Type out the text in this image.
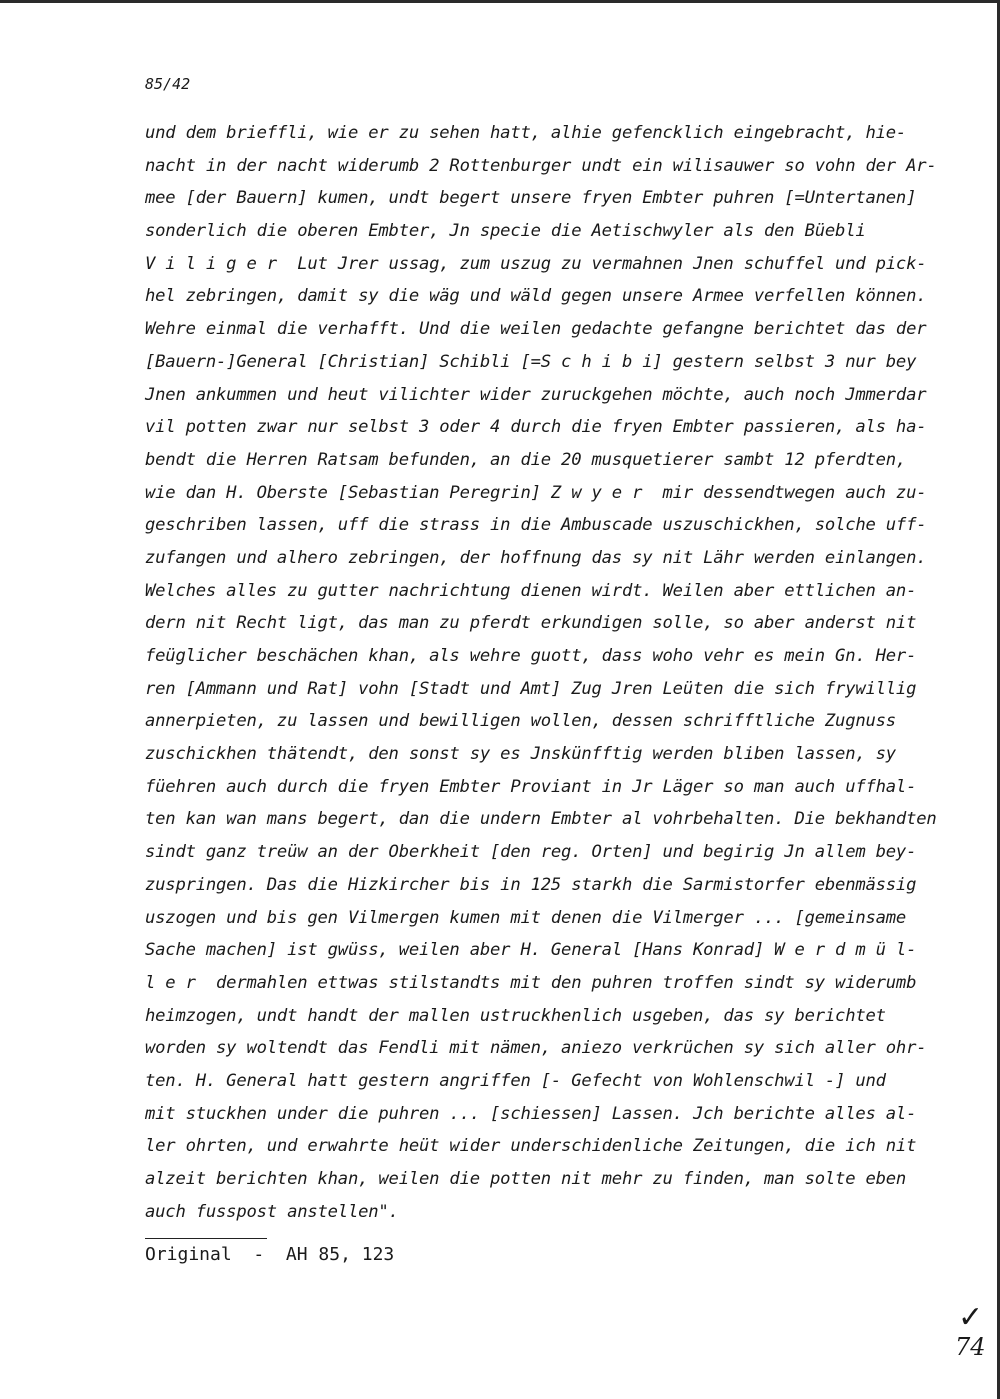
85/42
und dem brieffli, wie er zu sehen hatt, alhie gefencklich eingebracht, hie-
nacht in der nacht widerumb 2 Rottenburger undt ein wilisauwer so vohn der Ar-
mee [der Bauern] kumen, undt begert unsere fryen Embter puhren [=Untertanen]
sonderlich die oberen Embter, Jn specie die Aetischwyler als den Büebli
V i l i g e r  Lut Jrer ussag, zum uszug zu vermahnen Jnen schuffel und pick-
hel zebringen, damit sy die wäg und wäld gegen unsere Armee verfellen können.
Wehre einmal die verhafft. Und die weilen gedachte gefangne berichtet das der
[Bauern-]General [Christian] Schibli [=S c h i b i] gestern selbst 3 nur bey
Jnen ankummen und heut vilichter wider zuruckgehen möchte, auch noch Jmmerdar
vil potten zwar nur selbst 3 oder 4 durch die fryen Embter passieren, als ha-
bendt die Herren Ratsam befunden, an die 20 musquetierer sambt 12 pferdten,
wie dan H. Oberste [Sebastian Peregrin] Z w y e r  mir dessendtwegen auch zu-
geschriben lassen, uff die strass in die Ambuscade uszuschickhen, solche uff-
zufangen und alhero zebringen, der hoffnung das sy nit Lähr werden einlangen.
Welches alles zu gutter nachrichtung dienen wirdt. Weilen aber ettlichen an-
dern nit Recht ligt, das man zu pferdt erkundigen solle, so aber anderst nit
feüglicher beschächen khan, als wehre guott, dass woho vehr es mein Gn. Her-
ren [Ammann und Rat] vohn [Stadt und Amt] Zug Jren Leüten die sich frywillig
annerpieten, zu lassen und bewilligen wollen, dessen schrifftliche Zugnuss
zuschickhen thätendt, den sonst sy es Jnskünfftig werden bliben lassen, sy
füehren auch durch die fryen Embter Proviant in Jr Läger so man auch uffhal-
ten kan wan mans begert, dan die undern Embter al vohrbehalten. Die bekhandten
sindt ganz treüw an der Oberkheit [den reg. Orten] und begirig Jn allem bey-
zuspringen. Das die Hizkircher bis in 125 starkh die Sarmistorfer ebenmässig
uszogen und bis gen Vilmergen kumen mit denen die Vilmerger ... [gemeinsame
Sache machen] ist gwüss, weilen aber H. General [Hans Konrad] W e r d m ü l-
l e r  dermahlen ettwas stilstandts mit den puhren troffen sindt sy widerumb
heimzogen, undt handt der mallen ustruckhenlich usgeben, das sy berichtet
worden sy woltendt das Fendli mit nämen, aniezo verkrüchen sy sich aller ohr-
ten. H. General hatt gestern angriffen [- Gefecht von Wohlenschwil -] und
mit stuckhen under die puhren ... [schiessen] Lassen. Jch berichte alles al-
ler ohrten, und erwahrte heüt wider underschidenliche Zeitungen, die ich nit
alzeit berichten khan, weilen die potten nit mehr zu finden, man solte eben
auch fusspost anstellen".
Original  -  AH 85, 123
✓
74
